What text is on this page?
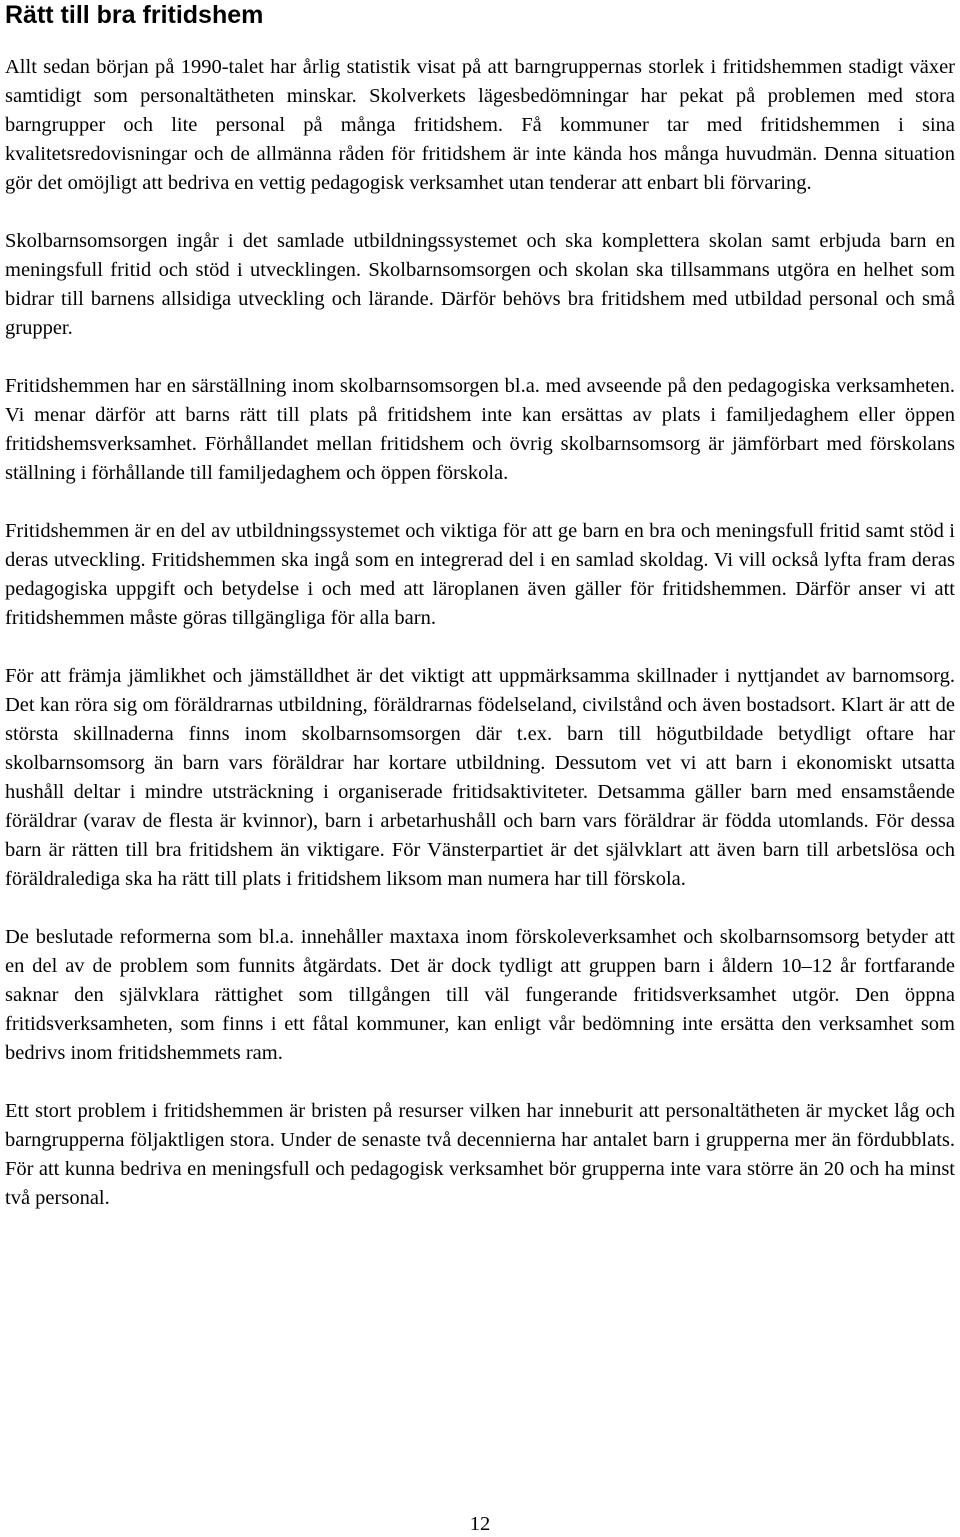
Rätt till bra fritidshem

Allt sedan början på 1990-talet har årlig statistik visat på att barngruppernas storlek i fritidshemmen stadigt växer samtidigt som personaltätheten minskar. Skolverkets lägesbedömningar har pekat på problemen med stora barngrupper och lite personal på många fritidshem. Få kommuner tar med fritidshemmen i sina kvalitetsredovisningar och de allmänna råden för fritidshem är inte kända hos många huvudmän. Denna situation gör det omöjligt att bedriva en vettig pedagogisk verksamhet utan tenderar att enbart bli förvaring.

Skolbarnsomsorgen ingår i det samlade utbildningssystemet och ska komplettera skolan samt erbjuda barn en meningsfull fritid och stöd i utvecklingen. Skolbarnsomsorgen och skolan ska tillsammans utgöra en helhet som bidrar till barnens allsidiga utveckling och lärande. Därför behövs bra fritidshem med utbildad personal och små grupper.

Fritidshemmen har en särställning inom skolbarnsomsorgen bl.a. med avseende på den pedagogiska verksamheten. Vi menar därför att barns rätt till plats på fritidshem inte kan ersättas av plats i familjedaghem eller öppen fritidshemsverksamhet. Förhållandet mellan fritidshem och övrig skolbarnsomsorg är jämförbart med förskolans ställning i förhållande till familjedaghem och öppen förskola.

Fritidshemmen är en del av utbildningssystemet och viktiga för att ge barn en bra och meningsfull fritid samt stöd i deras utveckling. Fritidshemmen ska ingå som en integrerad del i en samlad skoldag. Vi vill också lyfta fram deras pedagogiska uppgift och betydelse i och med att läroplanen även gäller för fritidshemmen. Därför anser vi att fritidshemmen måste göras tillgängliga för alla barn.

För att främja jämlikhet och jämställdhet är det viktigt att uppmärksamma skillnader i nyttjandet av barnomsorg. Det kan röra sig om föräldrarnas utbildning, föräldrarnas födelseland, civilstånd och även bostadsort. Klart är att de största skillnaderna finns inom skolbarnsomsorgen där t.ex. barn till högutbildade betydligt oftare har skolbarnsomsorg än barn vars föräldrar har kortare utbildning. Dessutom vet vi att barn i ekonomiskt utsatta hushåll deltar i mindre utsträckning i organiserade fritidsaktiviteter. Detsamma gäller barn med ensamstående föräldrar (varav de flesta är kvinnor), barn i arbetarhushåll och barn vars föräldrar är födda utomlands. För dessa barn är rätten till bra fritidshem än viktigare. För Vänsterpartiet är det självklart att även barn till arbetslösa och föräldralediga ska ha rätt till plats i fritidshem liksom man numera har till förskola.

De beslutade reformerna som bl.a. innehåller maxtaxa inom förskoleverksamhet och skolbarnsomsorg betyder att en del av de problem som funnits åtgärdats. Det är dock tydligt att gruppen barn i åldern 10–12 år fortfarande saknar den självklara rättighet som tillgången till väl fungerande fritidsverksamhet utgör. Den öppna fritidsverksamheten, som finns i ett fåtal kommuner, kan enligt vår bedömning inte ersätta den verksamhet som bedrivs inom fritidshemmets ram.

Ett stort problem i fritidshemmen är bristen på resurser vilken har inneburit att personaltätheten är mycket låg och barngrupperna följaktligen stora. Under de senaste två decennierna har antalet barn i grupperna mer än fördubblats. För att kunna bedriva en meningsfull och pedagogisk verksamhet bör grupperna inte vara större än 20 och ha minst två personal.

12
